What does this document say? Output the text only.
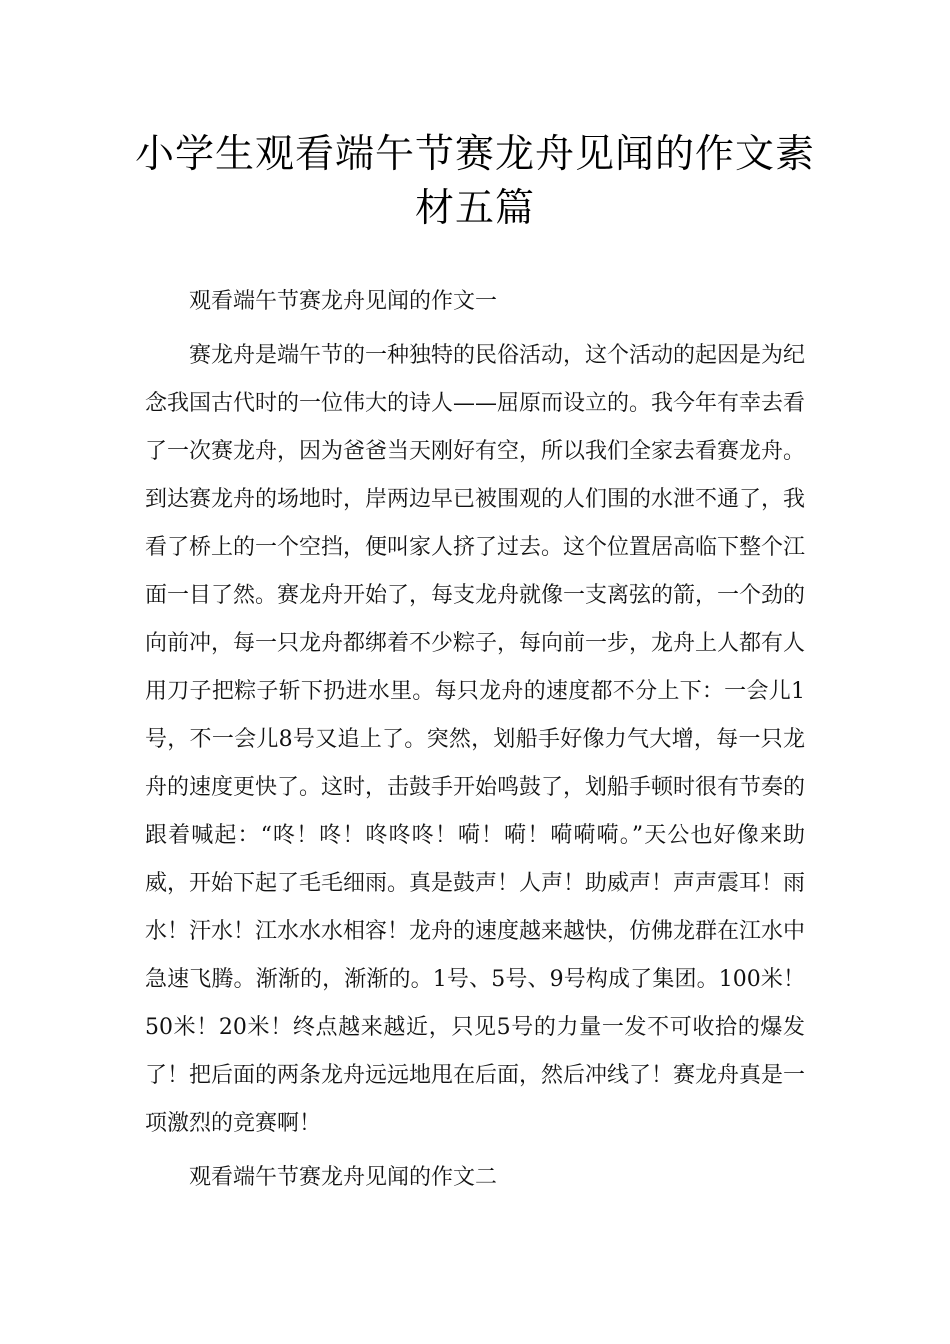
小学生观看端午节赛龙舟见闻的作文素材五篇

观看端午节赛龙舟见闻的作文一

赛龙舟是端午节的一种独特的民俗活动，这个活动的起因是为纪念我国古代时的一位伟大的诗人——屈原而设立的。我今年有幸去看了一次赛龙舟，因为爸爸当天刚好有空，所以我们全家去看赛龙舟。到达赛龙舟的场地时，岸两边早已被围观的人们围的水泄不通了，我看了桥上的一个空挡，便叫家人挤了过去。这个位置居高临下整个江面一目了然。赛龙舟开始了，每支龙舟就像一支离弦的箭，一个劲的向前冲，每一只龙舟都绑着不少粽子，每向前一步，龙舟上人都有人用刀子把粽子斩下扔进水里。每只龙舟的速度都不分上下：一会儿1号，不一会儿8号又追上了。突然，划船手好像力气大增，每一只龙舟的速度更快了。这时，击鼓手开始鸣鼓了，划船手顿时很有节奏的跟着喊起：“咚！咚！咚咚咚！嗬！嗬！嗬嗬嗬。”天公也好像来助威，开始下起了毛毛细雨。真是鼓声！人声！助威声！声声震耳！雨水！汗水！江水水水相容！龙舟的速度越来越快，仿佛龙群在江水中急速飞腾。渐渐的，渐渐的。1号、5号、9号构成了集团。100米！50米！20米！终点越来越近，只见5号的力量一发不可收拾的爆发了！把后面的两条龙舟远远地甩在后面，然后冲线了！赛龙舟真是一项激烈的竞赛啊！

观看端午节赛龙舟见闻的作文二
